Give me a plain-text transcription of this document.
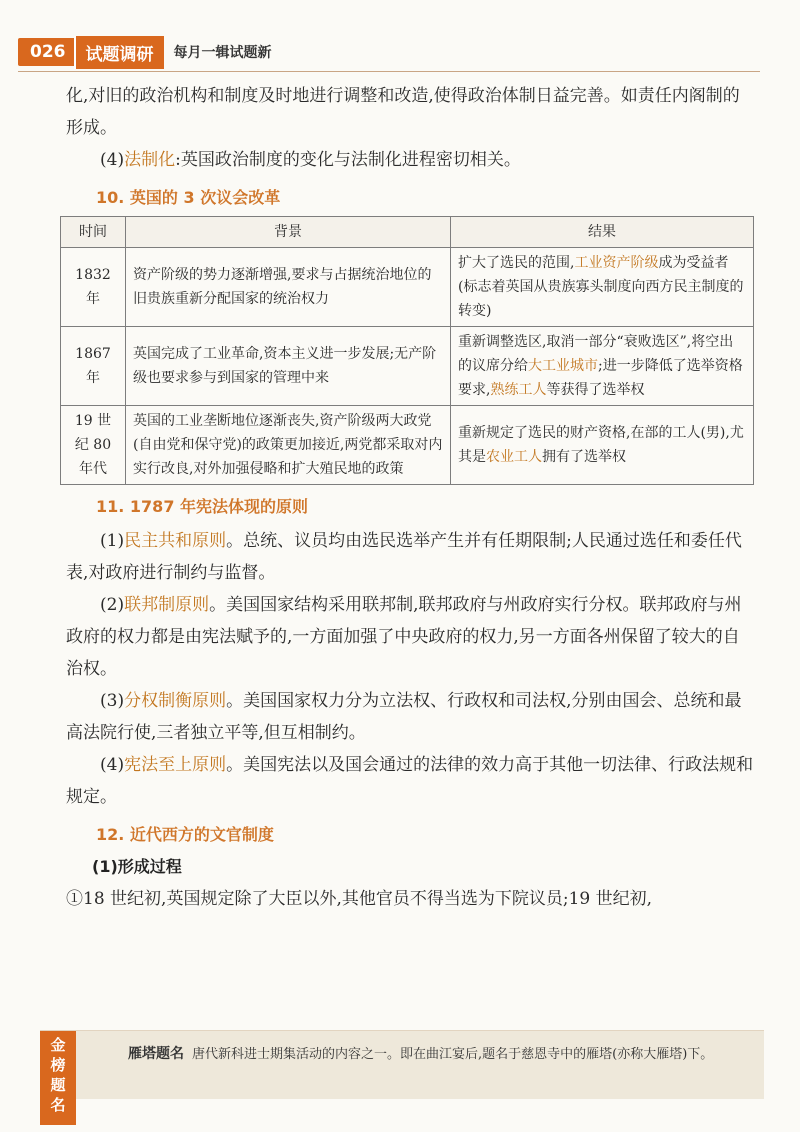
026	试题调研	每月一辑试题新

化,对旧的政治机构和制度及时地进行调整和改造,使得政治体制日益完善。如责任内阁制的形成。

(4)法制化:英国政治制度的变化与法制化进程密切相关。

10. 英国的 3 次议会改革
时间	背景	结果
1832 年	资产阶级的势力逐渐增强,要求与占据统治地位的旧贵族重新分配国家的统治权力	扩大了选民的范围,工业资产阶级成为受益者(标志着英国从贵族寡头制度向西方民主制度的转变)
1867 年	英国完成了工业革命,资本主义进一步发展;无产阶级也要求参与到国家的管理中来	重新调整选区,取消一部分“衰败选区”,将空出的议席分给大工业城市;进一步降低了选举资格要求,熟练工人等获得了选举权
19 世纪 80 年代	英国的工业垄断地位逐渐丧失,资产阶级两大政党(自由党和保守党)的政策更加接近,两党都采取对内实行改良,对外加强侵略和扩大殖民地的政策	重新规定了选民的财产资格,在部的工人(男),尤其是农业工人拥有了选举权
11. 1787 年宪法体现的原则

(1)民主共和原则。总统、议员均由选民选举产生并有任期限制;人民通过选任和委任代表,对政府进行制约与监督。

(2)联邦制原则。美国国家结构采用联邦制,联邦政府与州政府实行分权。联邦政府与州政府的权力都是由宪法赋予的,一方面加强了中央政府的权力,另一方面各州保留了较大的自治权。

(3)分权制衡原则。美国国家权力分为立法权、行政权和司法权,分别由国会、总统和最高法院行使,三者独立平等,但互相制约。

(4)宪法至上原则。美国宪法以及国会通过的法律的效力高于其他一切法律、行政法规和规定。

12. 近代西方的文官制度
(1)形成过程

①18 世纪初,英国规定除了大臣以外,其他官员不得当选为下院议员;19 世纪初,

金
榜
题
名
雁塔题名 唐代新科进士期集活动的内容之一。即在曲江宴后,题名于慈恩寺中的雁塔(亦称大雁塔)下。
